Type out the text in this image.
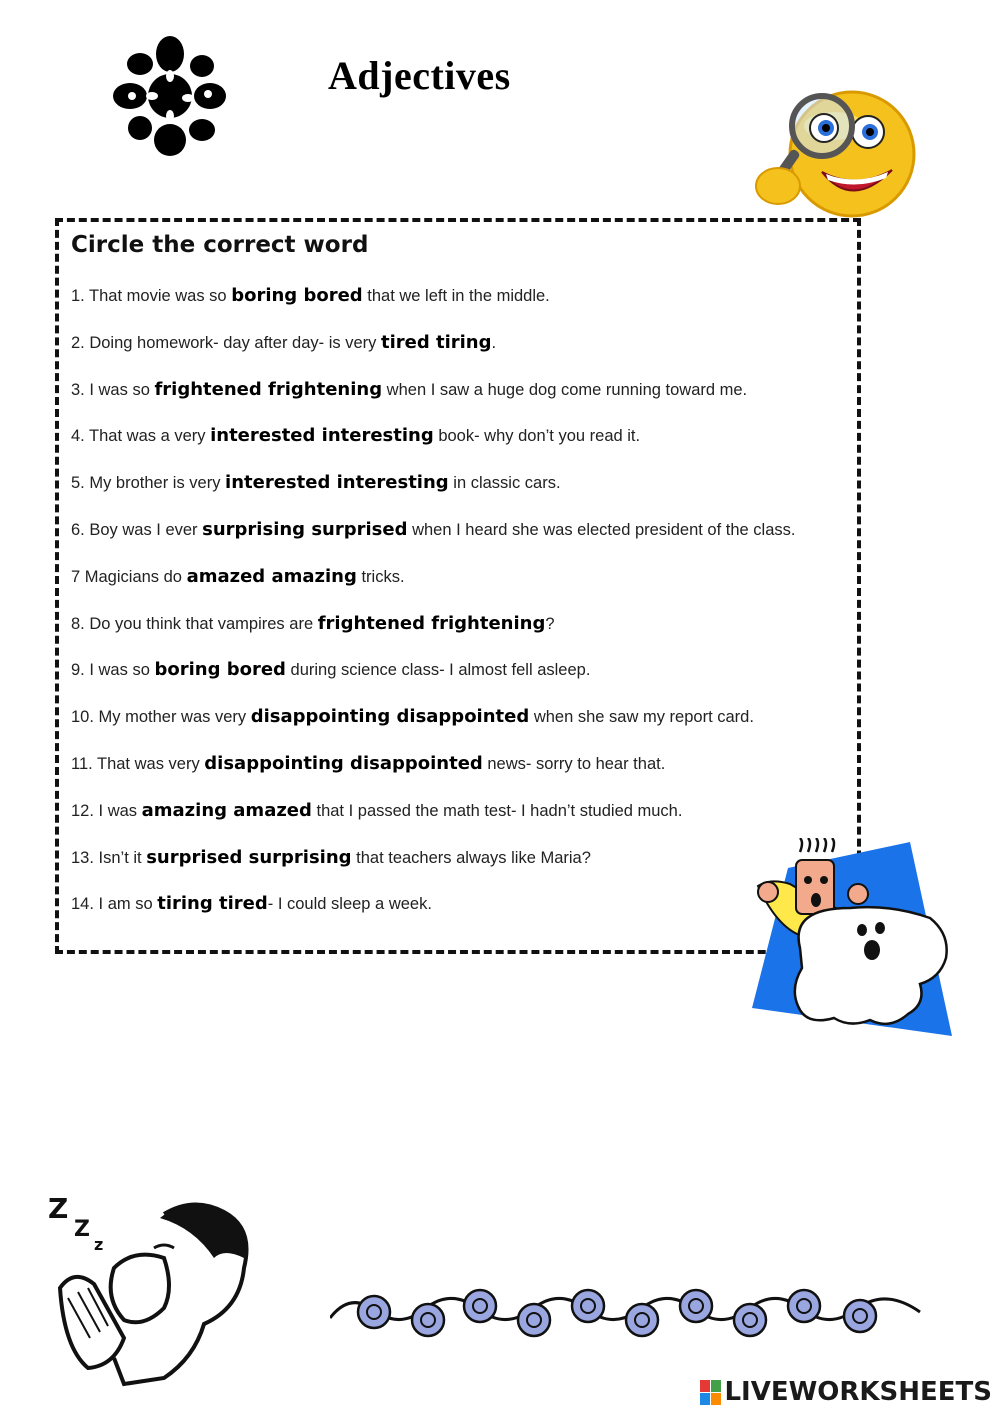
Adjectives
Circle the correct word
1. That movie was so boring bored that we left in the middle.
2. Doing homework- day after day- is very tired tiring.
3. I was so frightened frightening when I saw a huge dog come running toward me.
4. That was a very interested interesting book- why don’t you read it.
5. My brother is very interested interesting in classic cars.
6. Boy was I ever surprising surprised when I heard she was elected president of the class.
7 Magicians do amazed amazing tricks.
8. Do you think that vampires are frightened frightening?
9. I was so boring bored during science class- I almost fell asleep.
10. My mother was very disappointing disappointed when she saw my report card.
11. That was very disappointing disappointed news- sorry to hear that.
12. I was amazing amazed that I passed the math test- I hadn’t studied much.
13. Isn’t it surprised surprising that teachers always like Maria?
14. I am so tiring tired- I could sleep a week.
Z
Z
z
LIVEWORKSHEETS
